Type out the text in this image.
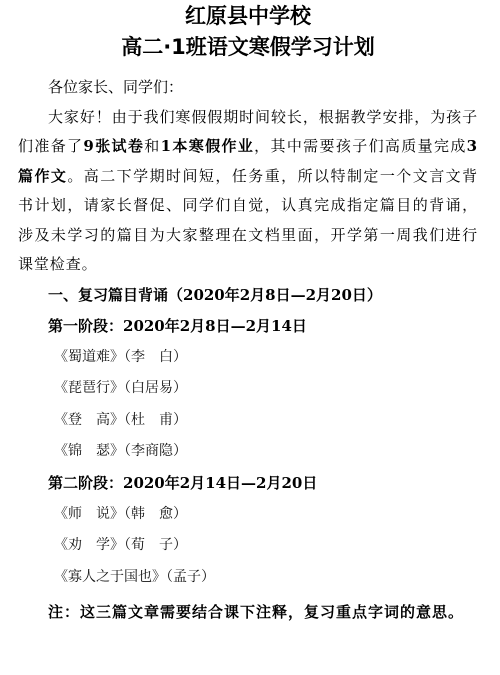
红原县中学校
高二·1班语文寒假学习计划

各位家长、同学们：

大家好！由于我们寒假假期时间较长，根据教学安排，为孩子们准备了9张试卷和1本寒假作业，其中需要孩子们高质量完成3篇作文。高二下学期时间短，任务重，所以特制定一个文言文背书计划，请家长督促、同学们自觉，认真完成指定篇目的背诵，涉及未学习的篇目为大家整理在文档里面，开学第一周我们进行课堂检查。

一、复习篇目背诵（2020年2月8日—2月20日）
第一阶段：2020年2月8日—2月14日
《蜀道难》（李　白）
《琵琶行》（白居易）
《登　高》（杜　甫）
《锦　瑟》（李商隐）
第二阶段：2020年2月14日—2月20日
《师　说》（韩　愈）
《劝　学》（荀　子）
《寡人之于国也》（孟子）
注：这三篇文章需要结合课下注释，复习重点字词的意思。
